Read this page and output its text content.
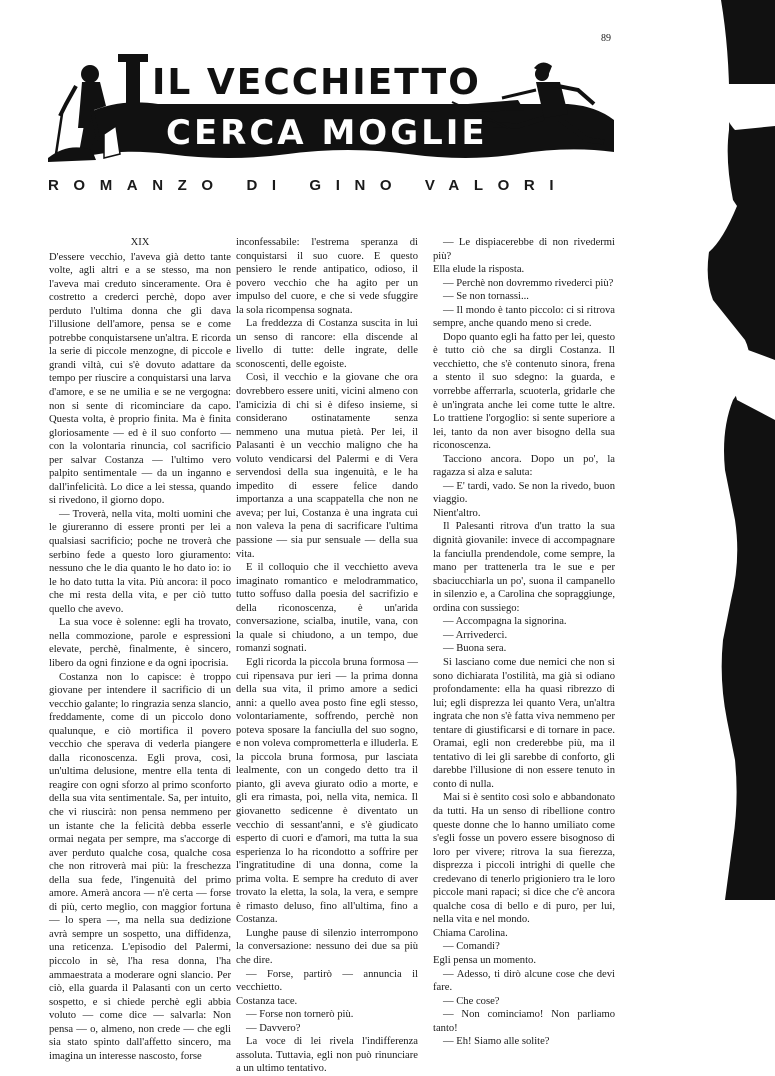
89
IL VECCHIETTO
CERCA MOGLIE
ROMANZO DI GINO VALORI

XIX

D'essere vecchio, l'aveva già detto tante volte, agli altri e a se stesso, ma non l'aveva mai creduto sinceramente. Ora è costretto a crederci perchè, dopo aver perduto l'ultima donna che gli dava l'illusione dell'amore, pensa se e come potrebbe conquistarsene un'altra. E ricorda la serie di piccole menzogne, di piccole e grandi viltà, cui s'è dovuto adattare da tempo per riuscire a conquistarsi una larva d'amore, e se ne umilia e se ne vergogna: non si sente di ricominciare da capo. Questa volta, è proprio finita. Ma è finita gloriosamente — ed è il suo conforto — con la volontaria rinuncia, col sacrificio per salvar Costanza — l'ultimo vero palpito sentimentale — da un inganno e dall'infelicità. Lo dice a lei stessa, quando si rivedono, il giorno dopo.

— Troverà, nella vita, molti uomini che le giureranno di essere pronti per lei a qualsiasi sacrificio; poche ne troverà che serbino fede a questo loro giuramento: nessuno che le dia quanto le ho dato io: io le ho dato tutta la vita. Più ancora: il poco che mi resta della vita, e per ciò tutto quello che avevo.

La sua voce è solenne: egli ha trovato, nella commozione, parole e espressioni elevate, perchè, finalmente, è sincero, libero da ogni finzione e da ogni ipocrisia.

Costanza non lo capisce: è troppo giovane per intendere il sacrificio di un vecchio galante; lo ringrazia senza slancio, freddamente, come di un piccolo dono qualunque, e ciò mortifica il povero vecchio che sperava di vederla piangere dalla riconoscenza. Egli prova, così, un'ultima delusione, mentre ella tenta di reagire con ogni sforzo al primo sconforto della sua vita sentimentale. Sa, per intuito, che vi riuscirà: non pensa nemmeno per un istante che la felicità debba esserle ormai negata per sempre, ma s'accorge di aver perduto qualche cosa, qualche cosa che non ritroverà mai più: la freschezza della sua fede, l'ingenuità del primo amore. Amerà ancora — n'è certa — forse di più, certo meglio, con maggior fortuna — lo spera —, ma nella sua dedizione avrà sempre un sospetto, una diffidenza, una reticenza. L'episodio del Palermi, piccolo in sè, l'ha resa donna, l'ha ammaestrata a moderare ogni slancio. Per ciò, ella guarda il Palasanti con un certo sospetto, e si chiede perchè egli abbia voluto — come dice — salvarla: Non pensa — o, almeno, non crede — che egli sia stato spinto dall'affetto sincero, ma imagina un interesse nascosto, forse

inconfessabile: l'estrema speranza di conquistarsi il suo cuore. E questo pensiero le rende antipatico, odioso, il povero vecchio che ha agito per un impulso del cuore, e che si vede sfuggire la sola ricompensa sognata.

La freddezza di Costanza suscita in lui un senso di rancore: ella discende al livello di tutte: delle ingrate, delle sconoscenti, delle egoiste.

Così, il vecchio e la giovane che ora dovrebbero essere uniti, vicini almeno con l'amicizia di chi si è difeso insieme, si considerano ostinatamente senza nemmeno una mutua pietà. Per lei, il Palasanti è un vecchio maligno che ha voluto vendicarsi del Palermi e di Vera servendosi della sua ingenuità, e le ha impedito di essere felice dando importanza a una scappatella che non ne aveva; per lui, Costanza è una ingrata cui non valeva la pena di sacrificare l'ultima passione — sia pur sensuale — della sua vita.

E il colloquio che il vecchietto aveva imaginato romantico e melodrammatico, tutto soffuso dalla poesia del sacrifizio e della riconoscenza, è un'arida conversazione, scialba, inutile, vana, con la quale si chiudono, a un tempo, due romanzi sognati.

Egli ricorda la piccola bruna formosa — cui ripensava pur ieri — la prima donna della sua vita, il primo amore a sedici anni: a quello avea posto fine egli stesso, volontariamente, soffrendo, perchè non poteva sposare la fanciulla del suo sogno, e non voleva comprometterla e illuderla. E la piccola bruna formosa, pur lasciata lealmente, con un congedo detto tra il pianto, gli aveva giurato odio a morte, e gli era rimasta, poi, nella vita, nemica. Il giovanetto sedicenne è diventato un vecchio di sessant'anni, e s'è giudicato esperto di cuori e d'amori, ma tutta la sua esperienza lo ha ricondotto a soffrire per l'ingratitudine di una donna, come la prima volta. E sempre ha creduto di aver trovato la eletta, la sola, la vera, e sempre è rimasto deluso, fino all'ultima, fino a Costanza.

Lunghe pause di silenzio interrompono la conversazione: nessuno dei due sa più che dire.

— Forse, partirò — annuncia il vecchietto.

Costanza tace.

— Forse non tornerò più.

— Davvero?

La voce di lei rivela l'indifferenza assoluta. Tuttavia, egli non può rinunciare a un ultimo tentativo.

— Le dispiacerebbe di non rivedermi più?

Ella elude la risposta.

— Perchè non dovremmo rivederci più?

— Se non tornassi...

— Il mondo è tanto piccolo: ci si ritrova sempre, anche quando meno si crede.

Dopo quanto egli ha fatto per lei, questo è tutto ciò che sa dirgli Costanza. Il vecchietto, che s'è contenuto sinora, frena a stento il suo sdegno: la guarda, e vorrebbe afferrarla, scuoterla, gridarle che è un'ingrata anche lei come tutte le altre. Lo trattiene l'orgoglio: si sente superiore a lei, tanto da non aver bisogno della sua riconoscenza.

Tacciono ancora. Dopo un po', la ragazza si alza e saluta:

— E' tardi, vado. Se non la rivedo, buon viaggio.

Nient'altro.

Il Palesanti ritrova d'un tratto la sua dignità giovanile: invece di accompagnare la fanciulla prendendole, come sempre, la mano per trattenerla tra le sue e per sbaciucchiarla un po', suona il campanello in silenzio e, a Carolina che sopraggiunge, ordina con sussiego:

— Accompagna la signorina.

— Arrivederci.

— Buona sera.

Si lasciano come due nemici che non si sono dichiarata l'ostilità, ma già si odiano profondamente: ella ha quasi ribrezzo di lui; egli disprezza lei quanto Vera, un'altra ingrata che non s'è fatta viva nemmeno per tentare di giustificarsi e di tornare in pace. Oramai, egli non crederebbe più, ma il tentativo di lei gli sarebbe di conforto, gli darebbe l'illusione di non essere tenuto in conto di nulla.

Mai si è sentito così solo e abbandonato da tutti. Ha un senso di ribellione contro queste donne che lo hanno umiliato come s'egli fosse un povero essere bisognoso di loro per vivere; ritrova la sua fierezza, disprezza i piccoli intrighi di quelle che credevano di tenerlo prigioniero tra le loro piccole mani rapaci; si dice che c'è ancora qualche cosa di bello e di puro, per lui, nella vita e nel mondo.

Chiama Carolina.

— Comandi?

Egli pensa un momento.

— Adesso, ti dirò alcune cose che devi fare.

— Che cose?

— Non cominciamo! Non parliamo tanto!

— Eh! Siamo alle solite?
